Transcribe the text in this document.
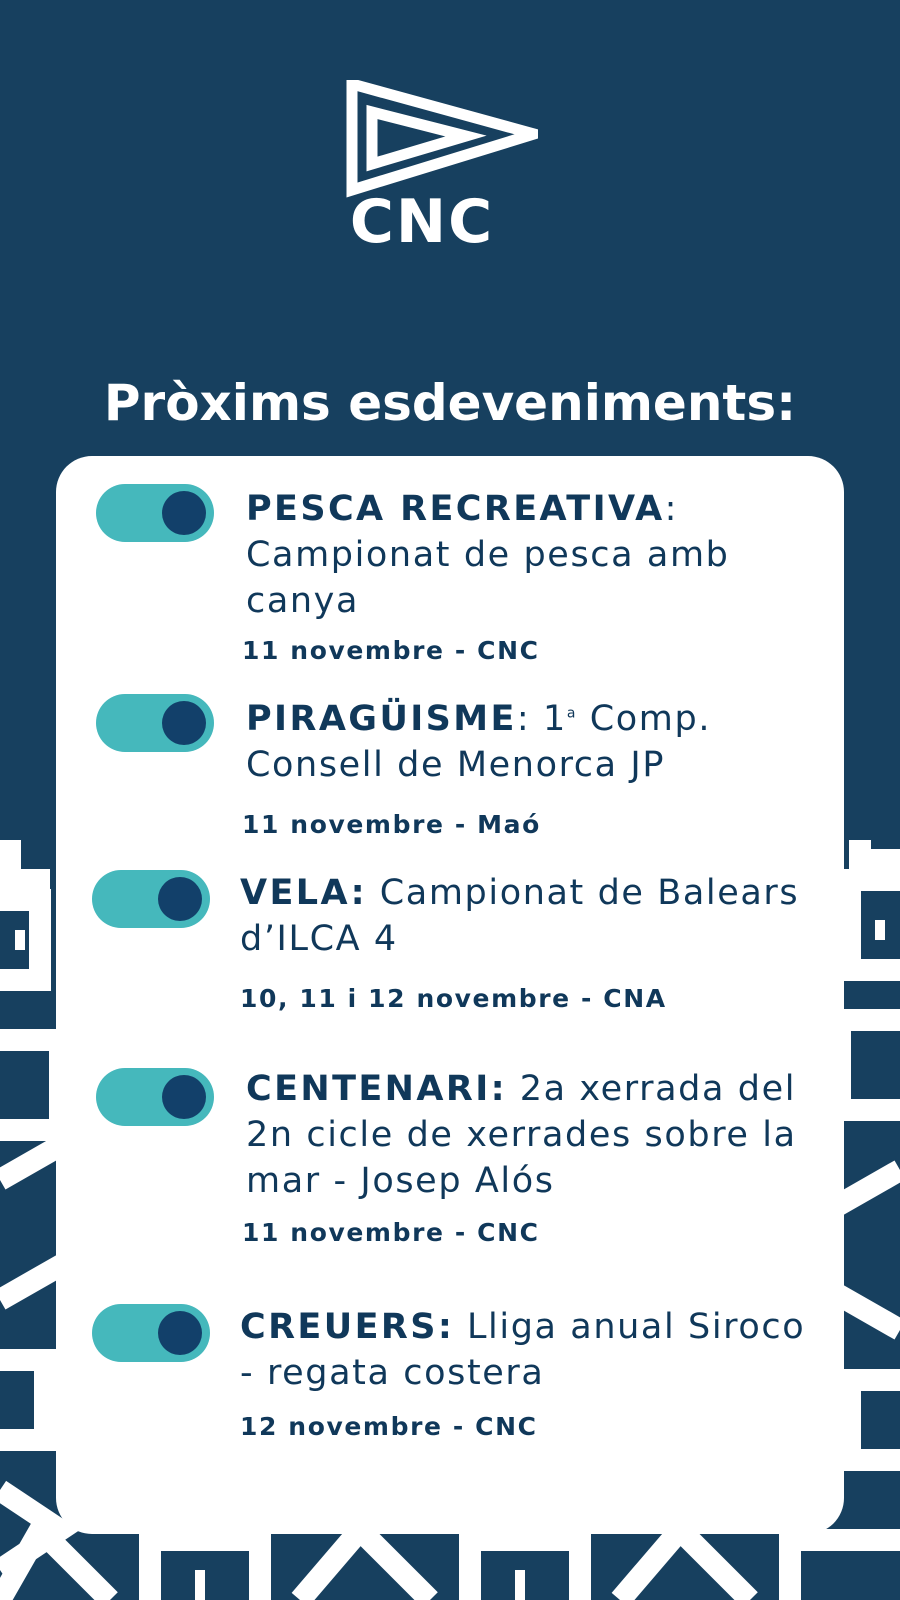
CNC
Pròxims esdeveniments:

PESCA RECREATIVA: Campionat de pesca amb canya

11 novembre - CNC

PIRAGÜISME: 1$^a$ Comp. Consell de Menorca JP

11 novembre - Maó

VELA: Campionat de Balears d’ILCA 4

10, 11 i 12 novembre - CNA

CENTENARI: 2a xerrada del 2n cicle de xerrades sobre la mar - Josep Alós

11 novembre - CNC

CREUERS: Lliga anual Siroco - regata costera

12 novembre - CNC
